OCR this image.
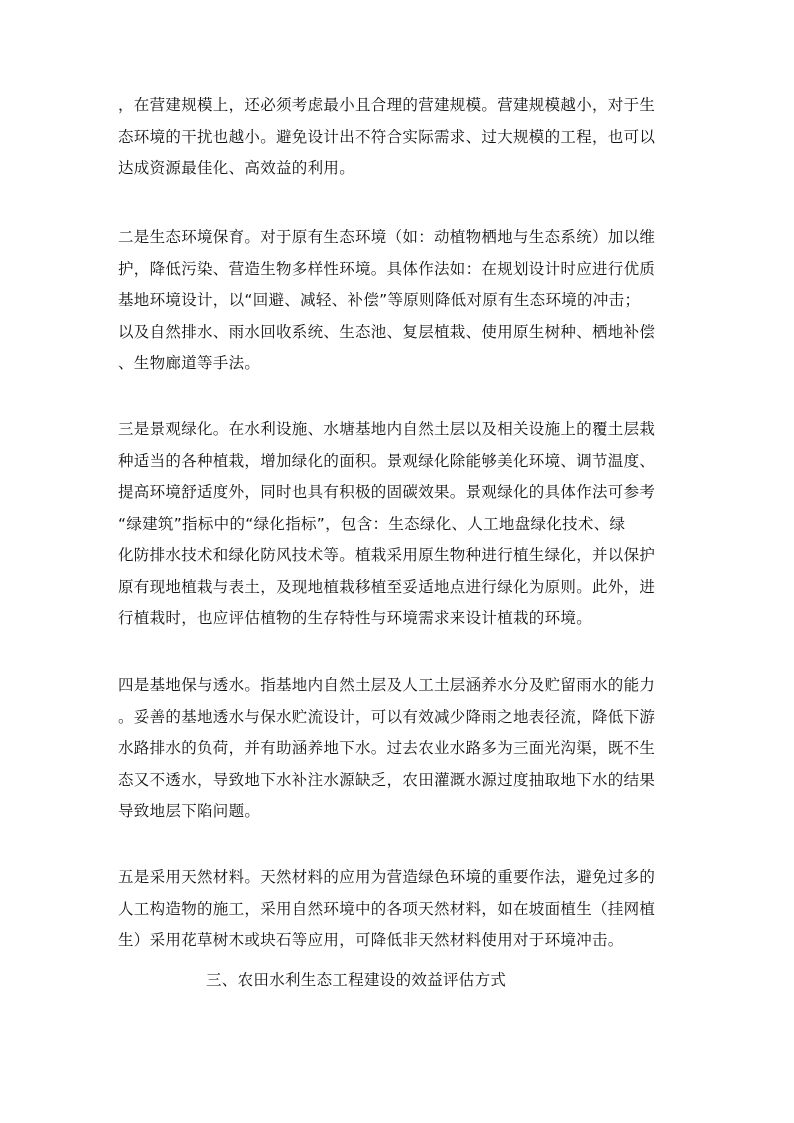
，在营建规模上，还必须考虑最小且合理的营建规模。营建规模越小，对于生
态环境的干扰也越小。避免设计出不符合实际需求、过大规模的工程，也可以
达成资源最佳化、高效益的利用。

二是生态环境保育。对于原有生态环境（如：动植物栖地与生态系统）加以维
护，降低污染、营造生物多样性环境。具体作法如：在规划设计时应进行优质
基地环境设计，以“回避、减轻、补偿”等原则降低对原有生态环境的冲击；
以及自然排水、雨水回收系统、生态池、复层植栽、使用原生树种、栖地补偿
、生物廊道等手法。

三是景观绿化。在水利设施、水塘基地内自然土层以及相关设施上的覆土层栽
种适当的各种植栽，增加绿化的面积。景观绿化除能够美化环境、调节温度、
提高环境舒适度外，同时也具有积极的固碳效果。景观绿化的具体作法可参考
“绿建筑”指标中的“绿化指标”，包含：生态绿化、人工地盘绿化技术、绿
化防排水技术和绿化防风技术等。植栽采用原生物种进行植生绿化，并以保护
原有现地植栽与表土，及现地植栽移植至妥适地点进行绿化为原则。此外，进
行植栽时，也应评估植物的生存特性与环境需求来设计植栽的环境。

四是基地保与透水。指基地内自然土层及人工土层涵养水分及贮留雨水的能力
。妥善的基地透水与保水贮流设计，可以有效减少降雨之地表径流，降低下游
水路排水的负荷，并有助涵养地下水。过去农业水路多为三面光沟渠，既不生
态又不透水，导致地下水补注水源缺乏，农田灌溉水源过度抽取地下水的结果
导致地层下陷问题。

五是采用天然材料。天然材料的应用为营造绿色环境的重要作法，避免过多的
人工构造物的施工，采用自然环境中的各项天然材料，如在坡面植生（挂网植
生）采用花草树木或块石等应用，可降低非天然材料使用对于环境冲击。

三、农田水利生态工程建设的效益评估方式
